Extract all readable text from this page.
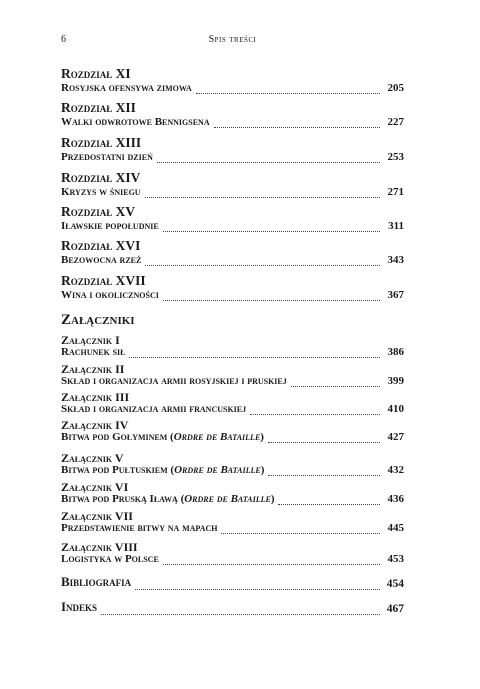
6	Spis treści
Rozdział XI
Rosyjska ofensywa zimowa	205
Rozdział XII
Walki odwrotowe Bennigsena	227
Rozdział XIII
Przedostatni dzień	253
Rozdział XIV
Kryzys w śniegu	271
Rozdział XV
Iławskie popołudnie	311
Rozdział XVI
Bezowocna rzeź	343
Rozdział XVII
Wina i okoliczności	367
Załączniki
Załącznik I
Rachunek sił	386
Załącznik II
Skład i organizacja armii rosyjskiej i pruskiej	399
Załącznik III
Skład i organizacja armii francuskiej	410
Załącznik IV
Bitwa pod Gołyminem (Ordre de Bataille)	427
Załącznik V
Bitwa pod Pułtuskiem (Ordre de Bataille)	432
Załącznik VI
Bitwa pod Pruską Iławą (Ordre de Bataille)	436
Załącznik VII
Przedstawienie bitwy na mapach	445
Załącznik VIII
Logistyka w Polsce	453
Bibliografia	454
Indeks	467
